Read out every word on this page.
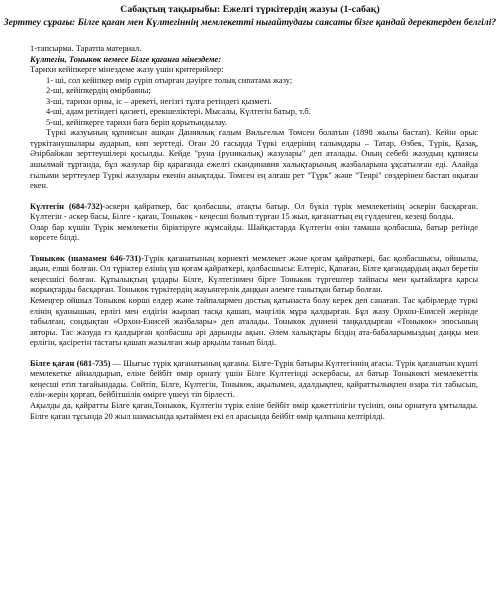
Сабақтың тақырыбы: Ежелгі түркітердің жазуы (1-сабақ)
Зерттеу сұрағы: Білге қаған мен Күлтегіннің мемлекетті нығайтудағы саясаты бізге қандай деректерден белгілі?

1-тапсырма. Таратпа материал.

Күлтегін, Тоныкөк немесе Білге қағанға мінездеме:

Тарихи кейіпкерге мінездеме жазу үшін критерийлер:

1- ші, сол кейіпкер өмір сүріп отырған дәуірге толық сипатама жазу;
2-ші, кейіпкердің өмірбаяны;
3-ші, тарихи орны, іс – әрекеті, негізгі тұлға ретіндегі қызметі.
4-ші, адам ретіндегі қасиеті, ерекшеліктері. Мысалы, Күлтегін батыр, т.б.
5-ші, кейіпкерге тарихи баға беріп қорытындылау.

Түркі жазуының құпиясын ашқан Даниялық ғалым Вильгельм Томсен болатын (1898 жылы бастап). Кейін орыс түркітанушылары аударып, көп зерттеді. Оған 20 ғасырда Түркі елдерінің ғалымдары – Татар, Өзбек, Түрік, Қазақ, Әзірбайжан зерттеушілері қосылды. Кейде "руна (руникалық) жазулары" деп аталады. Оның себебі жазудың құпиясы ашылмай тұрғанда, бұл жазулар бір қарағанда ежелгі скандинавия халықтарының жазбаларына ұқсатылған еді. Алайда ғылыми зерттеулер Түркі жазулары екенін анықтады. Томсен ең алғаш рет "Түрк" және "Тенрі" сөздерінен бастап оқыған екен.

Күлтегін (684-732)-әскери қайраткер, бас қолбасшы, атақты батыр. Ол бүкіл түрік мемлекетінің әскерін басқарған. Күлтегін - әскер басы, Білге - қаған, Тоныкөк - кеңесші болып түрған 15 жыл, қағанаттың ең гүлденген, кезеңі болды.

Олар бар күшін Түрік мемлекетін біріктіруге жұмсайды. Шайқастарда Күлтегін өзін тамаша қолбасшы, батыр ретінде көрсете білді.

Тоныкөк (шамамен 646-731)-Түрік қағанатының көрнекті мемлекет және қоғам қайраткері, бас қолбасшысы, ойшылы, ақын, елші болған. Ол түріктер елінің үш қоғам қайраткері, қолбасшысы: Елтеріс, Қапаған, Білге қағандардың ақыл беретін кеңесшісі болған. Құтылықтың ұлдары Білге, Күлтегінмен бірге Тоныкөк түргештер тайпасы мен қытайларға қарсы жорықтарды басқарған. Тоныкөк түркітердің жауынгерлік даңқын әлемге танытқан батыр болған.

Кемеңгер ойшыл Тоныкөк көрші елдер және тайпалармен достық қатынаста болу керек деп санаған. Тас қабірлерде түркі елінің қуанышын, ерлігі мен елдігін жырлап тасқа қашап, мәңгілік мұра қалдырған. Бұл жазу Орхон-Енисей жерінде табылған, сондықтан «Орхон-Енисей жазбалары» деп аталады. Тоныкөк дүниені таңқалдырған «Тоныкөк» эпосының авторы. Тас жазуда ғз қалдырған қолбасшы әрі дарынды ақын. Әлем халықтары біздің ата-бабаларымыздың даңқы мен ерлігін, қасіретін тастағы қашап жазылған жыр арқылы танып білді.

Білге қаған (681-735) — Шығыс түрік қағанатының қағаны. Білге-Түрік батыры Күлтегіннің ағасы. Түрік қағанатын күшті мемлекетке айналдырып, еліне бейбіт өмір орнату үшін Білге Күлтегінді әскербасы, ал батыр Тоныкөкті мемлекеттік кеңесші етіп тағайындады. Сөйтіп, Білге, Күлтегін, Тоныкөк, ақылымен, адалдықпен, қайраттылықпен өзара тіл табысып, елін-жерін қорғап, бейбітшілік өмірге үшеуі тіп бірлесті.

Ақылды да, қайратты Білге қаған,Тоныкөк, Күлтегін түрік еліне бейбіт өмір қажеттілігін түсініп, оны орнатуға ұмтылады. Білге қаған тұсында 20 жыл шамасында қытаймен екі ел арасында бейбіт өмір қалпына келтірілді.
